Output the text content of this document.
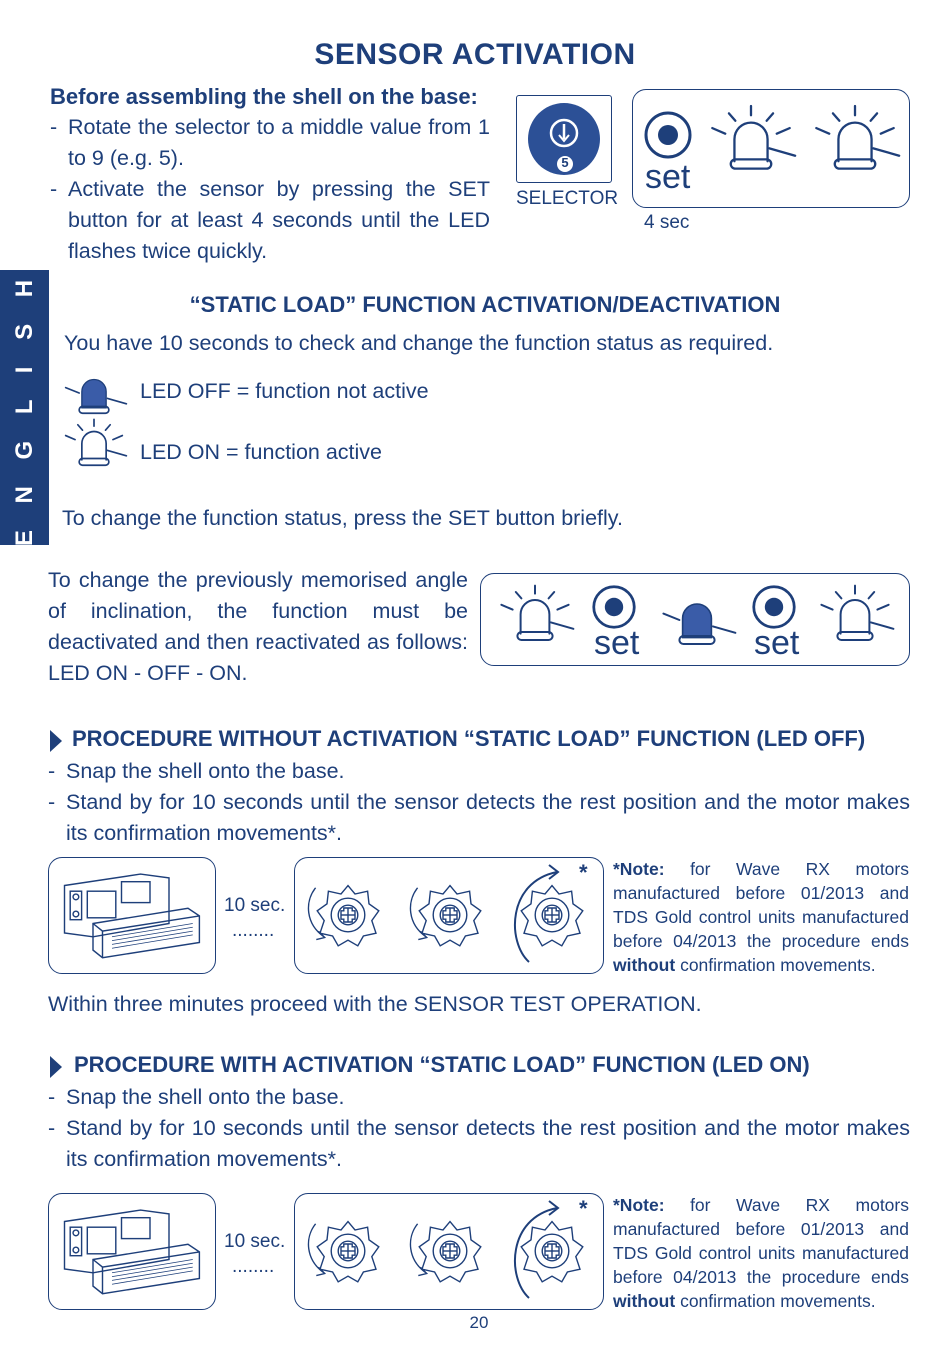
E N G L I S H
SENSOR ACTIVATION
Before assembling the shell on the base:
- Rotate the selector to a middle value from 1 to 9 (e.g. 5).
- Activate the sensor by pressing the SET button for at least 4 seconds until the LED flashes twice quickly.
5
SELECTOR
set
4 sec
“STATIC LOAD” FUNCTION ACTIVATION/DEACTIVATION
You have 10 seconds to check and change the function status as required.
LED OFF = function not active
LED ON = function active
To change the function status, press the SET button briefly.
To change the previously memorised angle of inclination, the function must be deactivated and then reactivated as follows: LED ON - OFF - ON.
set	set
PROCEDURE WITHOUT ACTIVATION “STATIC LOAD” FUNCTION (LED OFF)
- Snap the shell onto the base.
- Stand by for 10 seconds until the sensor detects the rest position and the motor makes its confirmation movements*.
10 sec.
........
* *Note: for Wave RX motors manufactured before 01/2013 and TDS Gold control units manufactured before 04/2013 the procedure ends without confirmation movements.
Within three minutes proceed with the SENSOR TEST OPERATION.
PROCEDURE WITH ACTIVATION “STATIC LOAD” FUNCTION (LED ON)
- Snap the shell onto the base.
- Stand by for 10 seconds until the sensor detects the rest position and the motor makes its confirmation movements*.
10 sec.
........
* *Note: for Wave RX motors manufactured before 01/2013 and TDS Gold control units manufactured before 04/2013 the procedure ends without confirmation movements.
20
